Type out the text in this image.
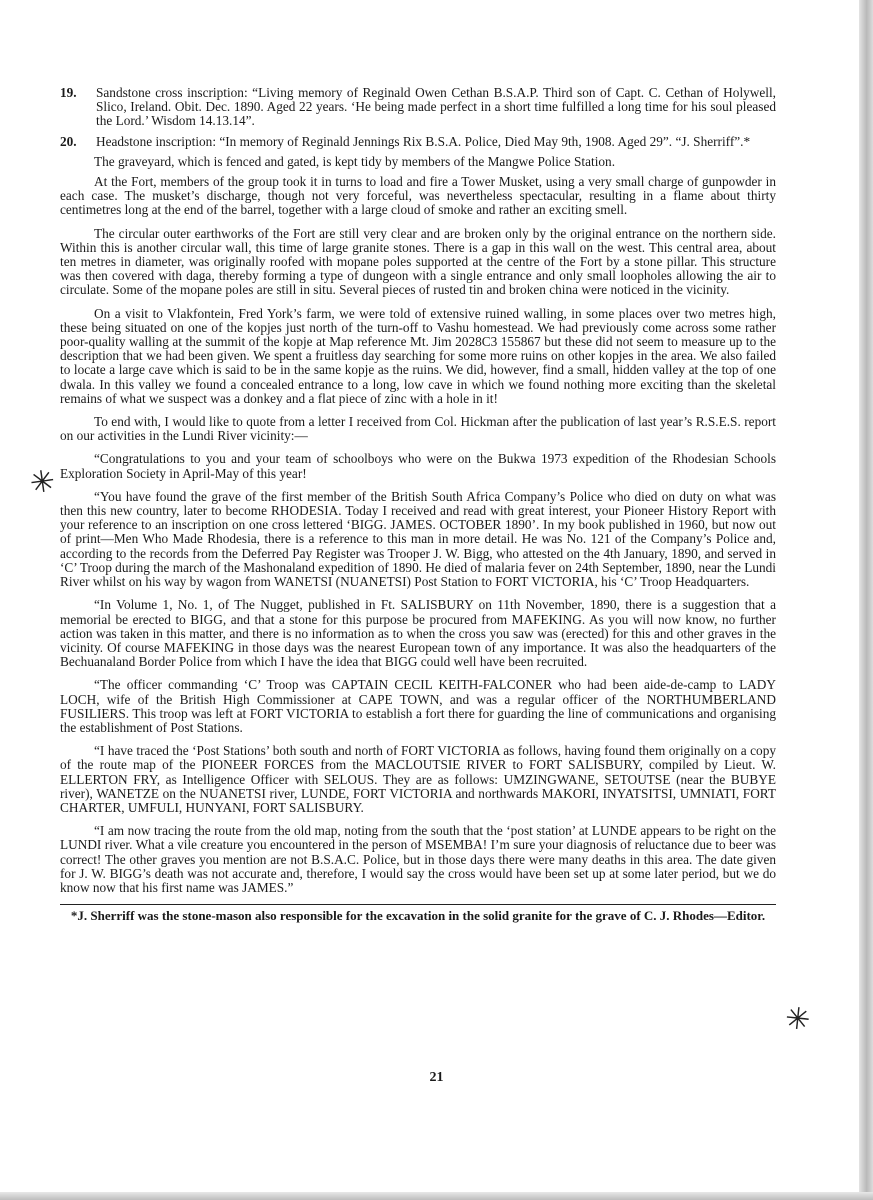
✳
✳
19.	Sandstone cross inscription: “Living memory of Reginald Owen Cethan B.S.A.P. Third son of Capt. C. Cethan of Holywell, Slico, Ireland. Obit. Dec. 1890. Aged 22 years. ‘He being made perfect in a short time fulfilled a long time for his soul pleased the Lord.’ Wisdom 14.13.14”.
20.	Headstone inscription: “In memory of Reginald Jennings Rix B.S.A. Police, Died May 9th, 1908. Aged 29”. “J. Sherriff”.*

The graveyard, which is fenced and gated, is kept tidy by members of the Mangwe Police Station.

At the Fort, members of the group took it in turns to load and fire a Tower Musket, using a very small charge of gunpowder in each case. The musket’s discharge, though not very forceful, was nevertheless spectacular, resulting in a flame about thirty centimetres long at the end of the barrel, together with a large cloud of smoke and rather an exciting smell.

The circular outer earthworks of the Fort are still very clear and are broken only by the original entrance on the northern side. Within this is another circular wall, this time of large granite stones. There is a gap in this wall on the west. This central area, about ten metres in diameter, was originally roofed with mopane poles supported at the centre of the Fort by a stone pillar. This structure was then covered with daga, thereby forming a type of dungeon with a single entrance and only small loopholes allowing the air to circulate. Some of the mopane poles are still in situ. Several pieces of rusted tin and broken china were noticed in the vicinity.

On a visit to Vlakfontein, Fred York’s farm, we were told of extensive ruined walling, in some places over two metres high, these being situated on one of the kopjes just north of the turn-off to Vashu homestead. We had previously come across some rather poor-quality walling at the summit of the kopje at Map reference Mt. Jim 2028C3 155867 but these did not seem to measure up to the description that we had been given. We spent a fruitless day searching for some more ruins on other kopjes in the area. We also failed to locate a large cave which is said to be in the same kopje as the ruins. We did, however, find a small, hidden valley at the top of one dwala. In this valley we found a concealed entrance to a long, low cave in which we found nothing more exciting than the skeletal remains of what we suspect was a donkey and a flat piece of zinc with a hole in it!

To end with, I would like to quote from a letter I received from Col. Hickman after the publication of last year’s R.S.E.S. report on our activities in the Lundi River vicinity:—

“Congratulations to you and your team of schoolboys who were on the Bukwa 1973 expedition of the Rhodesian Schools Exploration Society in April-May of this year!

“You have found the grave of the first member of the British South Africa Company’s Police who died on duty on what was then this new country, later to become RHODESIA. Today I received and read with great interest, your Pioneer History Report with your reference to an inscription on one cross lettered ‘BIGG. JAMES. OCTOBER 1890’. In my book published in 1960, but now out of print—Men Who Made Rhodesia, there is a reference to this man in more detail. He was No. 121 of the Company’s Police and, according to the records from the Deferred Pay Register was Trooper J. W. Bigg, who attested on the 4th January, 1890, and served in ‘C’ Troop during the march of the Mashonaland expedition of 1890. He died of malaria fever on 24th September, 1890, near the Lundi River whilst on his way by wagon from WANETSI (NUANETSI) Post Station to FORT VICTORIA, his ‘C’ Troop Headquarters.

“In Volume 1, No. 1, of The Nugget, published in Ft. SALISBURY on 11th November, 1890, there is a suggestion that a memorial be erected to BIGG, and that a stone for this purpose be procured from MAFEKING. As you will now know, no further action was taken in this matter, and there is no information as to when the cross you saw was (erected) for this and other graves in the vicinity. Of course MAFEKING in those days was the nearest European town of any importance. It was also the headquarters of the Bechuanaland Border Police from which I have the idea that BIGG could well have been recruited.

“The officer commanding ‘C’ Troop was CAPTAIN CECIL KEITH-FALCONER who had been aide-de-camp to LADY LOCH, wife of the British High Commissioner at CAPE TOWN, and was a regular officer of the NORTHUMBERLAND FUSILIERS. This troop was left at FORT VICTORIA to establish a fort there for guarding the line of communications and organising the establishment of Post Stations.

“I have traced the ‘Post Stations’ both south and north of FORT VICTORIA as follows, having found them originally on a copy of the route map of the PIONEER FORCES from the MACLOUTSIE RIVER to FORT SALISBURY, compiled by Lieut. W. ELLERTON FRY, as Intelligence Officer with SELOUS. They are as follows: UMZINGWANE, SETOUTSE (near the BUBYE river), WANETZE on the NUANETSI river, LUNDE, FORT VICTORIA and northwards MAKORI, INYATSITSI, UMNIATI, FORT CHARTER, UMFULI, HUNYANI, FORT SALISBURY.

“I am now tracing the route from the old map, noting from the south that the ‘post station’ at LUNDE appears to be right on the LUNDI river. What a vile creature you encountered in the person of MSEMBA! I’m sure your diagnosis of reluctance due to beer was correct! The other graves you mention are not B.S.A.C. Police, but in those days there were many deaths in this area. The date given for J. W. BIGG’s death was not accurate and, therefore, I would say the cross would have been set up at some later period, but we do know now that his first name was JAMES.”

*J. Sherriff was the stone-mason also responsible for the excavation in the solid granite for the grave of C. J. Rhodes—Editor.

21
